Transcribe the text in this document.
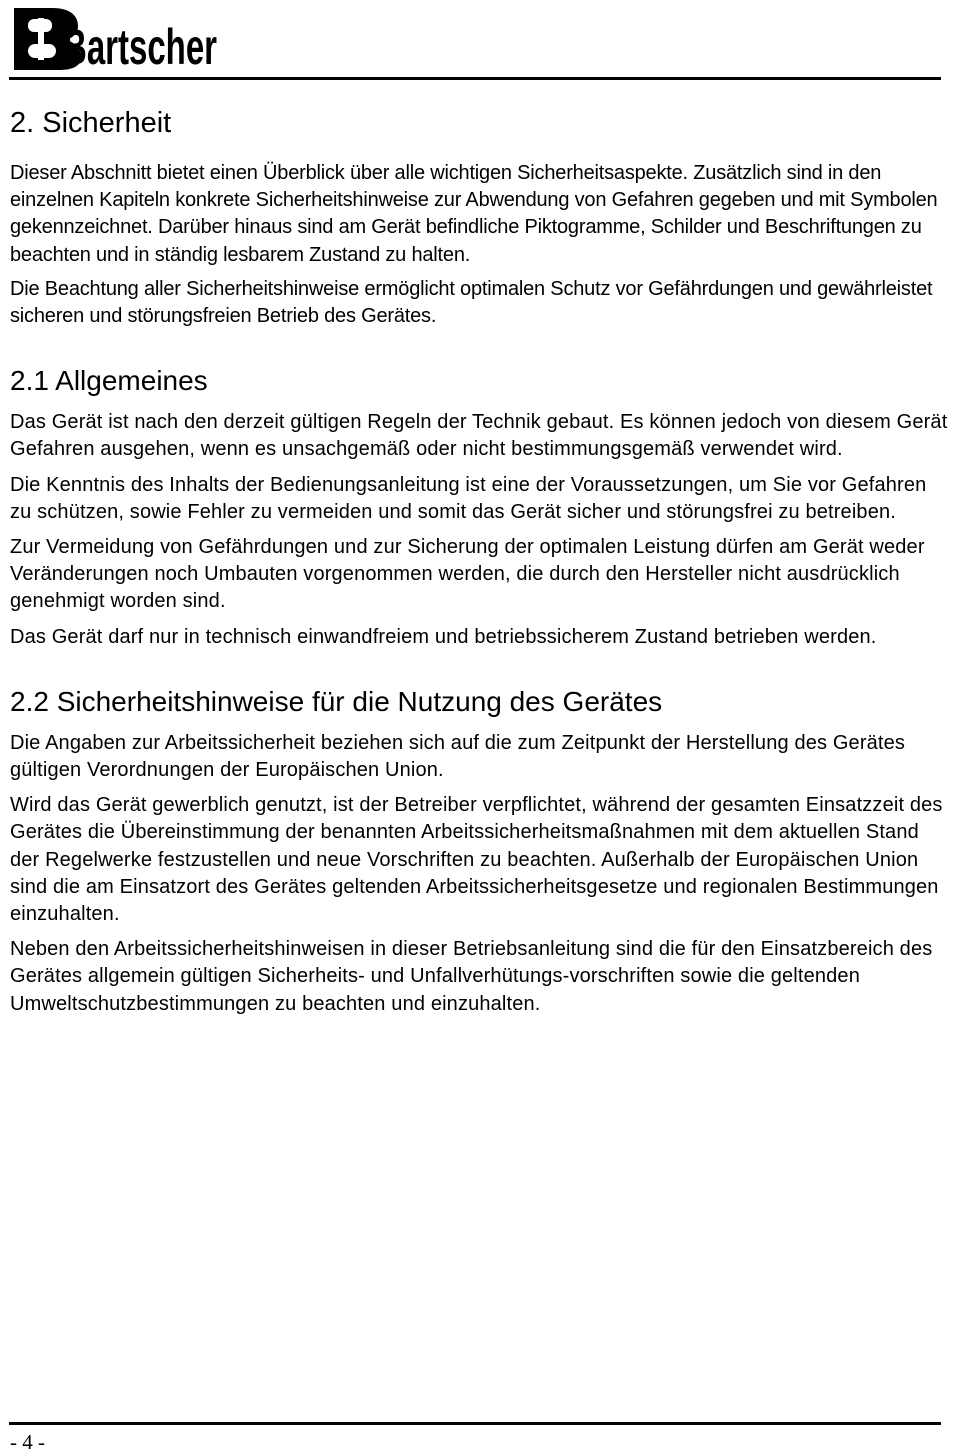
Bartscher
2. Sicherheit

Dieser Abschnitt bietet einen Überblick über alle wichtigen Sicherheitsaspekte. Zusätzlich sind in den einzelnen Kapiteln konkrete Sicherheitshinweise zur Abwendung von Gefahren gegeben und mit Symbolen gekennzeichnet. Darüber hinaus sind am Gerät befindliche Piktogramme, Schilder und Beschriftungen zu beachten und in ständig lesbarem Zustand zu halten.

Die Beachtung aller Sicherheitshinweise ermöglicht optimalen Schutz vor Gefährdungen und gewährleistet sicheren und störungsfreien Betrieb des Gerätes.

2.1 Allgemeines

Das Gerät ist nach den derzeit gültigen Regeln der Technik gebaut. Es können jedoch von diesem Gerät Gefahren ausgehen, wenn es unsachgemäß oder nicht bestimmungsgemäß verwendet wird.

Die Kenntnis des Inhalts der Bedienungsanleitung ist eine der Voraussetzungen, um Sie vor Gefahren zu schützen, sowie Fehler zu vermeiden und somit das Gerät sicher und störungsfrei zu betreiben.

Zur Vermeidung von Gefährdungen und zur Sicherung der optimalen Leistung dürfen am Gerät weder Veränderungen noch Umbauten vorgenommen werden, die durch den Hersteller nicht ausdrücklich genehmigt worden sind.

Das Gerät darf nur in technisch einwandfreiem und betriebssicherem Zustand betrieben werden.

2.2 Sicherheitshinweise für die Nutzung des Gerätes

Die Angaben zur Arbeitssicherheit beziehen sich auf die zum Zeitpunkt der Herstellung des Gerätes gültigen Verordnungen der Europäischen Union.

Wird das Gerät gewerblich genutzt, ist der Betreiber verpflichtet, während der gesamten Einsatzzeit des Gerätes die Übereinstimmung der benannten Arbeitssicherheitsmaßnahmen mit dem aktuellen Stand der Regelwerke festzustellen und neue Vorschriften zu beachten. Außerhalb der Europäischen Union sind die am Einsatzort des Gerätes geltenden Arbeitssicherheitsgesetze und regionalen Bestimmungen einzuhalten.

Neben den Arbeitssicherheitshinweisen in dieser Betriebsanleitung sind die für den Einsatzbereich des Gerätes allgemein gültigen Sicherheits- und Unfallverhütungs-vorschriften sowie die geltenden Umweltschutzbestimmungen zu beachten und einzuhalten.

- 4 -
